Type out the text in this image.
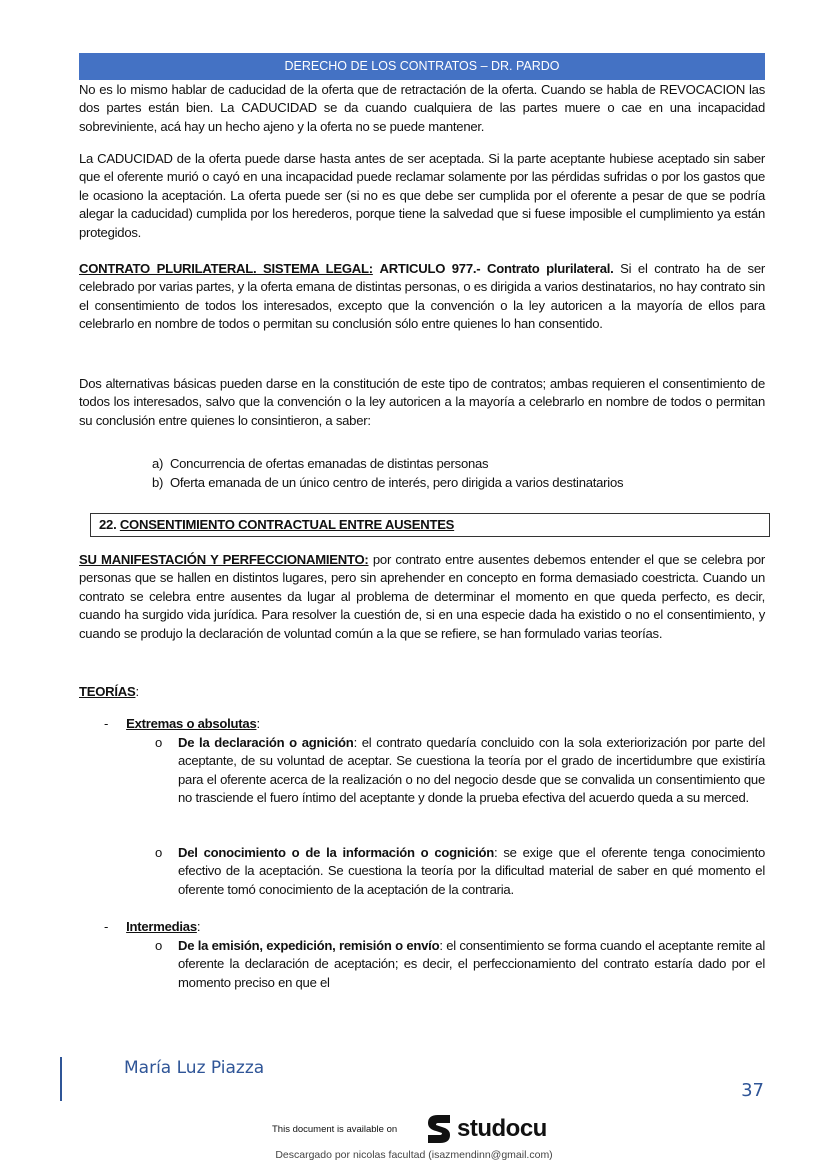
DERECHO DE LOS CONTRATOS – DR. PARDO

No es lo mismo hablar de caducidad de la oferta que de retractación de la oferta. Cuando se habla de REVOCACION las dos partes están bien. La CADUCIDAD se da cuando cualquiera de las partes muere o cae en una incapacidad sobreviniente, acá hay un hecho ajeno y la oferta no se puede mantener.

La CADUCIDAD de la oferta puede darse hasta antes de ser aceptada. Si la parte aceptante hubiese aceptado sin saber que el oferente murió o cayó en una incapacidad puede reclamar solamente por las pérdidas sufridas o por los gastos que le ocasiono la aceptación. La oferta puede ser (si no es que debe ser cumplida por el oferente a pesar de que se podría alegar la caducidad) cumplida por los herederos, porque tiene la salvedad que si fuese imposible el cumplimiento ya están protegidos.

CONTRATO PLURILATERAL. SISTEMA LEGAL: ARTICULO 977.- Contrato plurilateral. Si el contrato ha de ser celebrado por varias partes, y la oferta emana de distintas personas, o es dirigida a varios destinatarios, no hay contrato sin el consentimiento de todos los interesados, excepto que la convención o la ley autoricen a la mayoría de ellos para celebrarlo en nombre de todos o permitan su conclusión sólo entre quienes lo han consentido.

Dos alternativas básicas pueden darse en la constitución de este tipo de contratos; ambas requieren el consentimiento de todos los interesados, salvo que la convención o la ley autoricen a la mayoría a celebrarlo en nombre de todos o permitan su conclusión entre quienes lo consintieron, a saber:

a) Concurrencia de ofertas emanadas de distintas personas
b) Oferta emanada de un único centro de interés, pero dirigida a varios destinatarios
22. CONSENTIMIENTO CONTRACTUAL ENTRE AUSENTES

SU MANIFESTACIÓN Y PERFECCIONAMIENTO: por contrato entre ausentes debemos entender el que se celebra por personas que se hallen en distintos lugares, pero sin aprehender en concepto en forma demasiado coestricta. Cuando un contrato se celebra entre ausentes da lugar al problema de determinar el momento en que queda perfecto, es decir, cuando ha surgido vida jurídica. Para resolver la cuestión de, si en una especie dada ha existido o no el consentimiento, y cuando se produjo la declaración de voluntad común a la que se refiere, se han formulado varias teorías.

TEORÍAS:
- Extremas o absolutas:
o De la declaración o agnición: el contrato quedaría concluido con la sola exteriorización por parte del aceptante, de su voluntad de aceptar. Se cuestiona la teoría por el grado de incertidumbre que existiría para el oferente acerca de la realización o no del negocio desde que se convalida un consentimiento que no trasciende el fuero íntimo del aceptante y donde la prueba efectiva del acuerdo queda a su merced.

o Del conocimiento o de la información o cognición: se exige que el oferente tenga conocimiento efectivo de la aceptación. Se cuestiona la teoría por la dificultad material de saber en qué momento el oferente tomó conocimiento de la aceptación de la contraria.

- Intermedias:
o De la emisión, expedición, remisión o envío: el consentimiento se forma cuando el aceptante remite al oferente la declaración de aceptación; es decir, el perfeccionamiento del contrato estaría dado por el momento preciso en que el

María Luz Piazza
37
This document is available on studocu
Descargado por nicolas facultad (isazmendinn@gmail.com)
